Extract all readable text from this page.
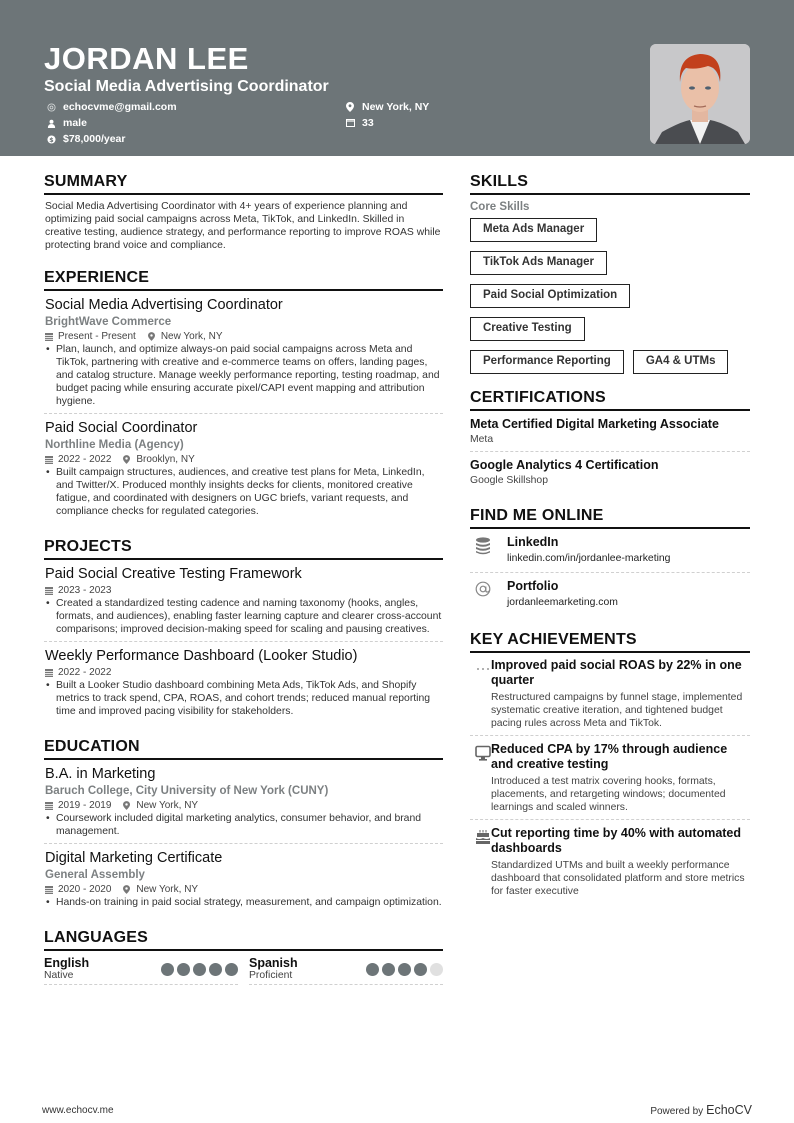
JORDAN LEE
Social Media Advertising Coordinator
echocvme@gmail.com
male
$ $78,000/year
New York, NY
33
SUMMARY
Social Media Advertising Coordinator with 4+ years of experience planning and optimizing paid social campaigns across Meta, TikTok, and LinkedIn. Skilled in creative testing, audience strategy, and performance reporting to improve ROAS while protecting brand voice and compliance.
EXPERIENCE
Social Media Advertising Coordinator
BrightWave Commerce
Present - Present	New York, NY
• Plan, launch, and optimize always-on paid social campaigns across Meta and TikTok, partnering with creative and e-commerce teams on offers, landing pages, and catalog structure. Manage weekly performance reporting, testing roadmap, and budget pacing while ensuring accurate pixel/CAPI event mapping and attribution hygiene.
Paid Social Coordinator
Northline Media (Agency)
2022 - 2022	Brooklyn, NY
• Built campaign structures, audiences, and creative test plans for Meta, LinkedIn, and Twitter/X. Produced monthly insights decks for clients, monitored creative fatigue, and coordinated with designers on UGC briefs, variant requests, and compliance checks for regulated categories.
PROJECTS
Paid Social Creative Testing Framework
2023 - 2023
• Created a standardized testing cadence and naming taxonomy (hooks, angles, formats, and audiences), enabling faster learning capture and clearer cross-account comparisons; improved decision-making speed for scaling and pausing creatives.
Weekly Performance Dashboard (Looker Studio)
2022 - 2022
• Built a Looker Studio dashboard combining Meta Ads, TikTok Ads, and Shopify metrics to track spend, CPA, ROAS, and cohort trends; reduced manual reporting time and improved pacing visibility for stakeholders.
EDUCATION
B.A. in Marketing
Baruch College, City University of New York (CUNY)
2019 - 2019	New York, NY
• Coursework included digital marketing analytics, consumer behavior, and brand management.
Digital Marketing Certificate
General Assembly
2020 - 2020	New York, NY
• Hands-on training in paid social strategy, measurement, and campaign optimization.
LANGUAGES
English
Native
Spanish
Proficient
SKILLS
Core Skills
Meta Ads Manager
TikTok Ads Manager
Paid Social Optimization
Creative Testing
Performance Reporting	GA4 & UTMs
CERTIFICATIONS
Meta Certified Digital Marketing Associate
Meta
Google Analytics 4 Certification
Google Skillshop
FIND ME ONLINE
LinkedIn
linkedin.com/in/jordanlee-marketing
Portfolio
jordanleemarketing.com
KEY ACHIEVEMENTS
Improved paid social ROAS by 22% in one quarter
Restructured campaigns by funnel stage, implemented systematic creative iteration, and tightened budget pacing rules across Meta and TikTok.
Reduced CPA by 17% through audience and creative testing
Introduced a test matrix covering hooks, formats, placements, and retargeting windows; documented learnings and scaled winners.
Cut reporting time by 40% with automated dashboards
Standardized UTMs and built a weekly performance dashboard that consolidated platform and store metrics for faster executive
www.echocv.me	Powered by EchoCV
